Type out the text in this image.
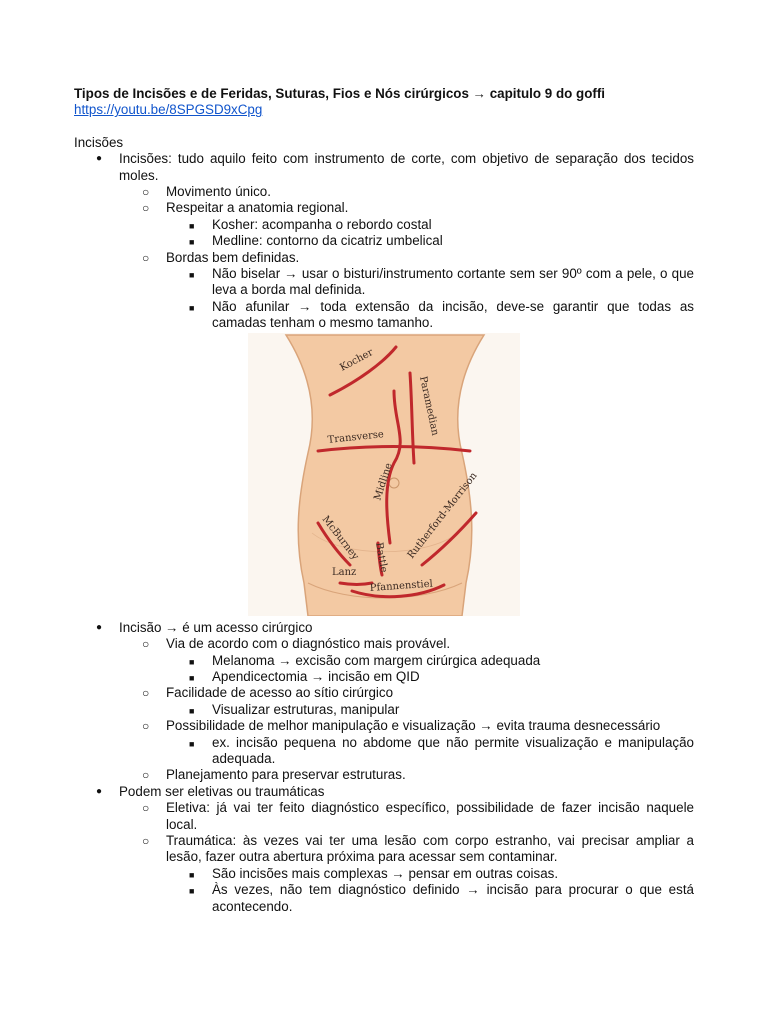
Tipos de Incisões e de Feridas, Suturas, Fios e Nós cirúrgicos → capitulo 9 do goffi
https://youtu.be/8SPGSD9xCpg
Incisões
● Incisões: tudo aquilo feito com instrumento de corte, com objetivo de separação dos tecidos moles.
○ Movimento único.
○ Respeitar a anatomia regional.
■ Kosher: acompanha o rebordo costal
■ Medline: contorno da cicatriz umbelical
○ Bordas bem definidas.
■ Não biselar → usar o bisturi/instrumento cortante sem ser 90º com a pele, o que leva a borda mal definida.
■ Não afunilar → toda extensão da incisão, deve-se garantir que todas as camadas tenham o mesmo tamanho.
Kocher
Paramedian
Transverse
Midline
McBurney Battle Rutherford-Morrison
Lanz
Pfannenstiel
● Incisão → é um acesso cirúrgico
○ Via de acordo com o diagnóstico mais provável.
■ Melanoma → excisão com margem cirúrgica adequada
■ Apendicectomia → incisão em QID
○ Facilidade de acesso ao sítio cirúrgico
■ Visualizar estruturas, manipular
○ Possibilidade de melhor manipulação e visualização → evita trauma desnecessário
■ ex. incisão pequena no abdome que não permite visualização e manipulação adequada.
○ Planejamento para preservar estruturas.
● Podem ser eletivas ou traumáticas
○ Eletiva: já vai ter feito diagnóstico específico, possibilidade de fazer incisão naquele local.
○ Traumática: às vezes vai ter uma lesão com corpo estranho, vai precisar ampliar a lesão, fazer outra abertura próxima para acessar sem contaminar.
■ São incisões mais complexas → pensar em outras coisas.
■ Às vezes, não tem diagnóstico definido → incisão para procurar o que está acontecendo.
